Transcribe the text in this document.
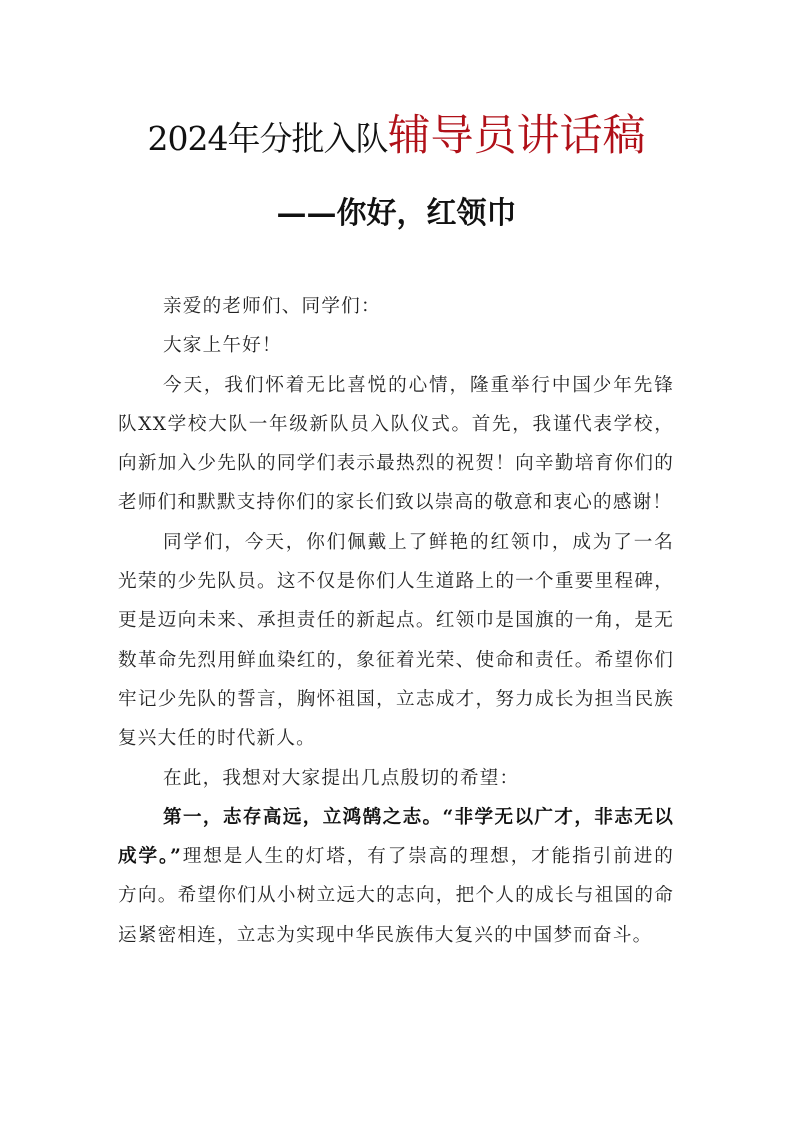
2024年分批入队辅导员讲话稿
——你好，红领巾

亲爱的老师们、同学们：

大家上午好！

今天，我们怀着无比喜悦的心情，隆重举行中国少年先锋队XX学校大队一年级新队员入队仪式。首先，我谨代表学校，向新加入少先队的同学们表示最热烈的祝贺！向辛勤培育你们的老师们和默默支持你们的家长们致以崇高的敬意和衷心的感谢！

同学们，今天，你们佩戴上了鲜艳的红领巾，成为了一名光荣的少先队员。这不仅是你们人生道路上的一个重要里程碑，更是迈向未来、承担责任的新起点。红领巾是国旗的一角，是无数革命先烈用鲜血染红的，象征着光荣、使命和责任。希望你们牢记少先队的誓言，胸怀祖国，立志成才，努力成长为担当民族复兴大任的时代新人。

在此，我想对大家提出几点殷切的希望：

第一，志存高远，立鸿鹄之志。“非学无以广才，非志无以成学。”理想是人生的灯塔，有了崇高的理想，才能指引前进的方向。希望你们从小树立远大的志向，把个人的成长与祖国的命运紧密相连，立志为实现中华民族伟大复兴的中国梦而奋斗。
